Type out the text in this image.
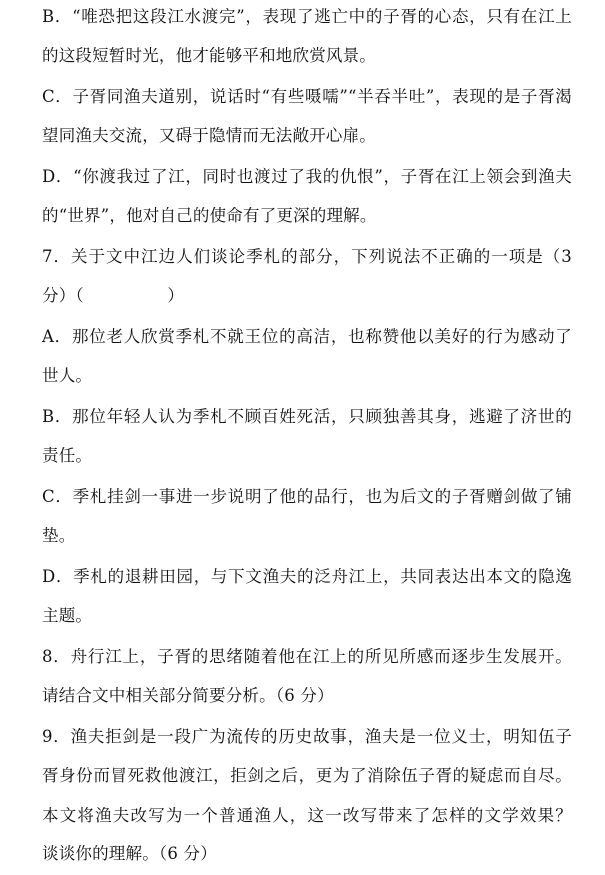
B．“唯恐把这段江水渡完”，表现了逃亡中的子胥的心态，只有在江上
的这段短暂时光，他才能够平和地欣赏风景。
C．子胥同渔夫道别，说话时“有些嗫嚅”“半吞半吐”，表现的是子胥渴
望同渔夫交流，又碍于隐情而无法敞开心扉。
D．“你渡我过了江，同时也渡过了我的仇恨”，子胥在江上领会到渔夫
的“世界”，他对自己的使命有了更深的理解。
7．关于文中江边人们谈论季札的部分，下列说法不正确的一项是（3
分）（　　　　　）
A．那位老人欣赏季札不就王位的高洁，也称赞他以美好的行为感动了
世人。
B．那位年轻人认为季札不顾百姓死活，只顾独善其身，逃避了济世的
责任。
C．季札挂剑一事进一步说明了他的品行，也为后文的子胥赠剑做了铺
垫。
D．季札的退耕田园，与下文渔夫的泛舟江上，共同表达出本文的隐逸
主题。
8．舟行江上，子胥的思绪随着他在江上的所见所感而逐步生发展开。
请结合文中相关部分简要分析。（6 分）
9．渔夫拒剑是一段广为流传的历史故事，渔夫是一位义士，明知伍子
胥身份而冒死救他渡江，拒剑之后，更为了消除伍子胥的疑虑而自尽。
本文将渔夫改写为一个普通渔人，这一改写带来了怎样的文学效果？
谈谈你的理解。（6 分）
